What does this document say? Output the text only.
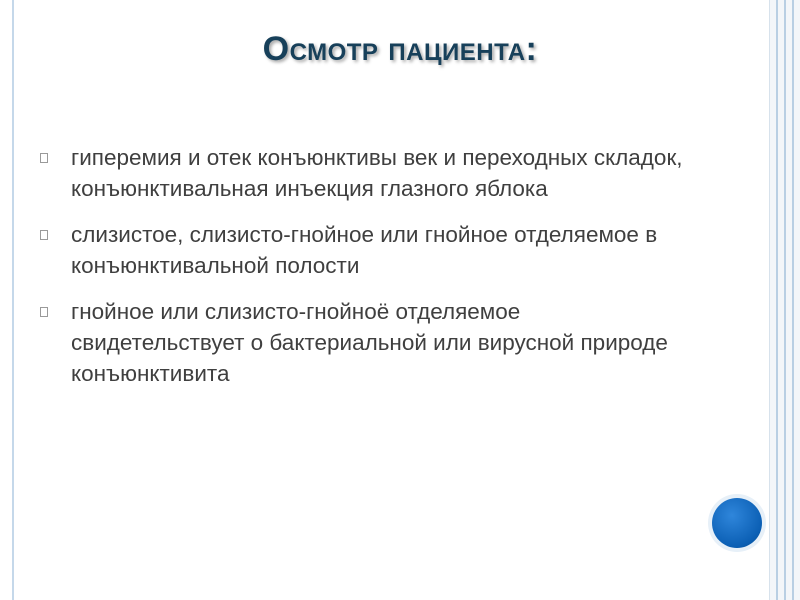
Осмотр пациента:
гиперемия и отек конъюнктивы век и переходных складок, конъюнктивальная инъекция глазного яблока
слизистое, слизисто-гнойное или гнойное отделяемое в конъюнктивальной полости
гнойное или слизисто-гнойноё отделяемое свидетельствует о бактериальной или вирусной природе конъюнктивита
